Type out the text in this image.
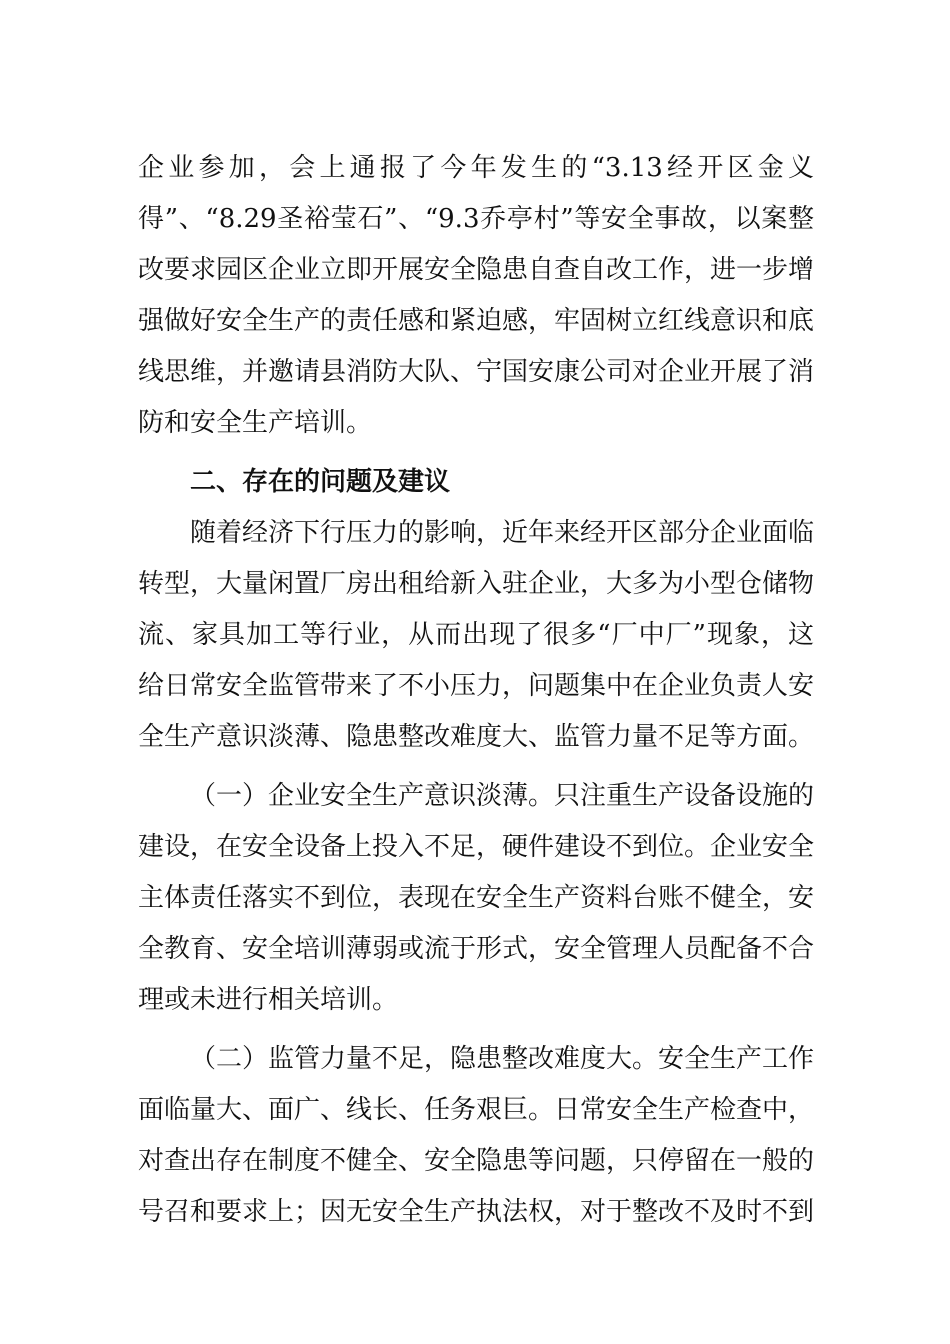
企业参加，会上通报了今年发生的“3.13经开区金义得”、“8.29圣裕莹石”、“9.3乔亭村”等安全事故，以案整改要求园区企业立即开展安全隐患自查自改工作，进一步增强做好安全生产的责任感和紧迫感，牢固树立红线意识和底线思维，并邀请县消防大队、宁国安康公司对企业开展了消防和安全生产培训。

二、存在的问题及建议

随着经济下行压力的影响，近年来经开区部分企业面临转型，大量闲置厂房出租给新入驻企业，大多为小型仓储物流、家具加工等行业，从而出现了很多“厂中厂”现象，这给日常安全监管带来了不小压力，问题集中在企业负责人安全生产意识淡薄、隐患整改难度大、监管力量不足等方面。

（一）企业安全生产意识淡薄。只注重生产设备设施的建设，在安全设备上投入不足，硬件建设不到位。企业安全主体责任落实不到位，表现在安全生产资料台账不健全，安全教育、安全培训薄弱或流于形式，安全管理人员配备不合理或未进行相关培训。

（二）监管力量不足，隐患整改难度大。安全生产工作面临量大、面广、线长、任务艰巨。日常安全生产检查中，对查出存在制度不健全、安全隐患等问题，只停留在一般的号召和要求上；因无安全生产执法权，对于整改不及时不到
